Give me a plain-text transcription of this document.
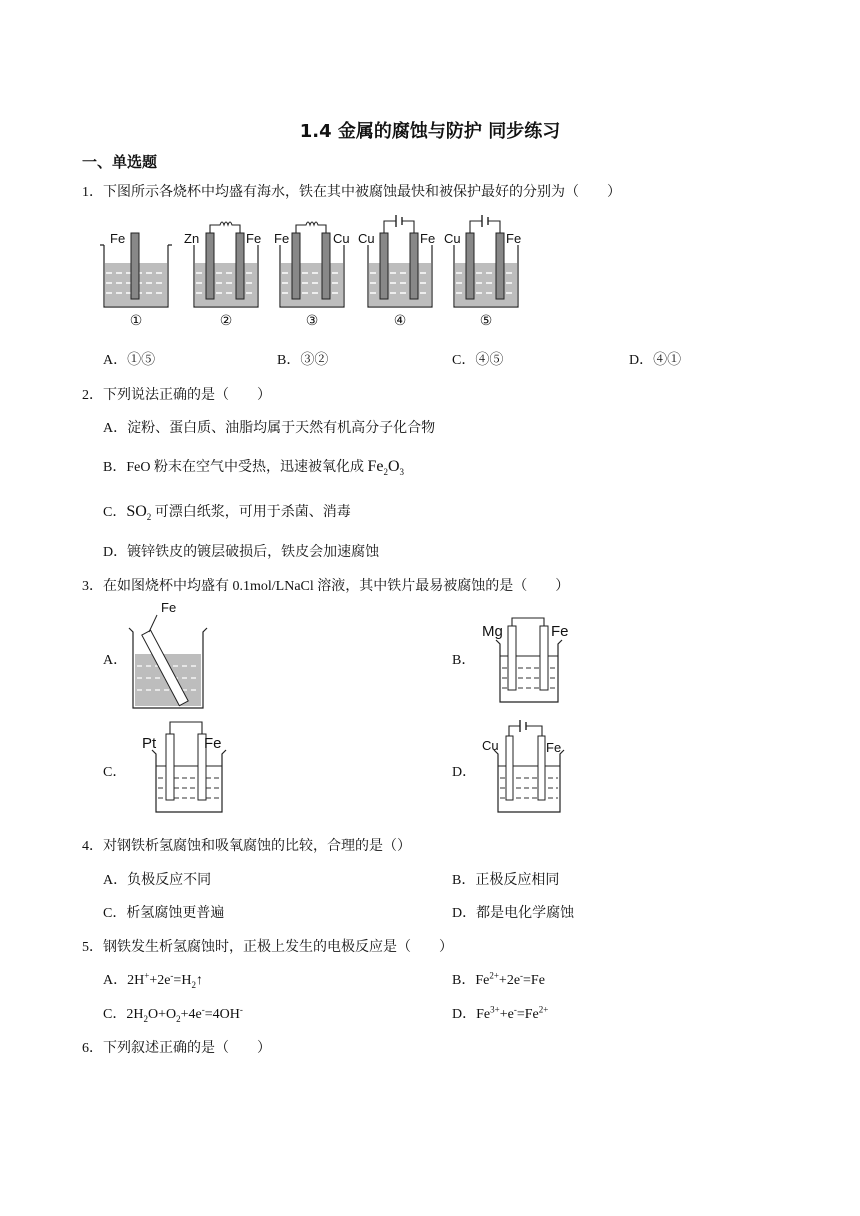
1.4 金属的腐蚀与防护 同步练习
一、单选题
1．下图所示各烧杯中均盛有海水，铁在其中被腐蚀最快和被保护最好的分别为（　　）
Fe	Zn	Fe Fe	Cu Cu	Fe Cu	Fe
①	②	③	④	⑤
A．①⑤	B．③②	C．④⑤	D．④①
2．下列说法正确的是（　　）
A．淀粉、蛋白质、油脂均属于天然有机高分子化合物
B．FeO 粉末在空气中受热，迅速被氧化成 $Fe_2O_3$
C．$SO_2$ 可漂白纸浆，可用于杀菌、消毒
D．镀锌铁皮的镀层破损后，铁皮会加速腐蚀
3．在如图烧杯中均盛有 0.1mol/LNaCl 溶液，其中铁片最易被腐蚀的是（　　）
A．
Fe
B．
Mg	Fe
C．
Pt	Fe
D．
Cu	Fe
4．对钢铁析氢腐蚀和吸氧腐蚀的比较，合理的是（）
A．负极反应不同	B．正极反应相同
C．析氢腐蚀更普遍	D．都是电化学腐蚀
5．钢铁发生析氢腐蚀时，正极上发生的电极反应是（　　）
A．$2H^++2e^-=H_2↑$	B．$Fe^{2+}+2e^-=Fe$
C．$2H_2O+O_2+4e^-=4OH^-$	D．$Fe^{3+}+e^-=Fe^{2+}$
6．下列叙述正确的是（　　）
